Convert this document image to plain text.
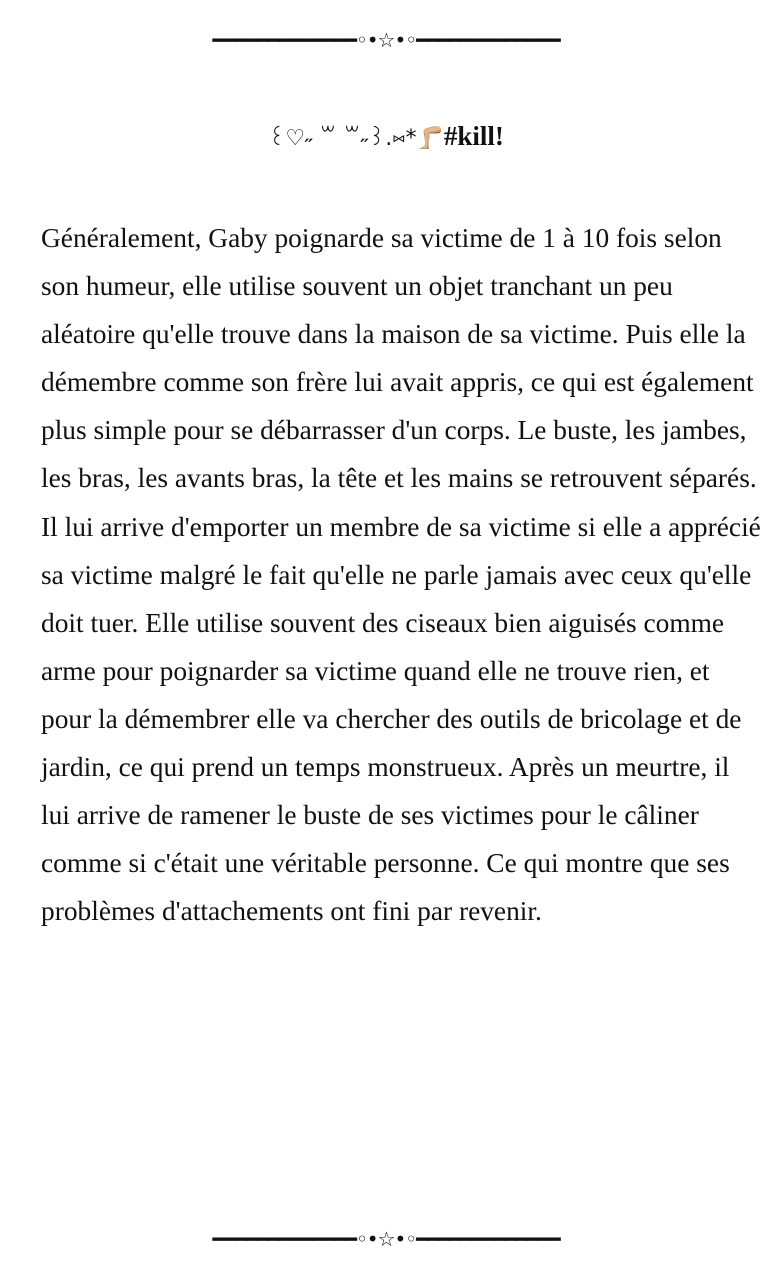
━━━━━━━━━━━━━◦•☆•◦━━━━━━━━━━━━━
꒰♡˶ ꒳ ꒳˶꒱.⑅*🦵🏼#kill!

Généralement, Gaby poignarde sa victime de 1 à 10 fois selon son humeur, elle utilise souvent un objet tranchant un peu aléatoire qu'elle trouve dans la maison de sa victime. Puis elle la démembre comme son frère lui avait appris, ce qui est également plus simple pour se débarrasser d'un corps. Le buste, les jambes, les bras, les avants bras, la tête et les mains se retrouvent séparés. Il lui arrive d'emporter un membre de sa victime si elle a apprécié sa victime malgré le fait qu'elle ne parle jamais avec ceux qu'elle doit tuer. Elle utilise souvent des ciseaux bien aiguisés comme arme pour poignarder sa victime quand elle ne trouve rien, et pour la démembrer elle va chercher des outils de bricolage et de jardin, ce qui prend un temps monstrueux. Après un meurtre, il lui arrive de ramener le buste de ses victimes pour le câliner comme si c'était une véritable personne. Ce qui montre que ses problèmes d'attachements ont fini par revenir.

━━━━━━━━━━━━━◦•☆•◦━━━━━━━━━━━━━
